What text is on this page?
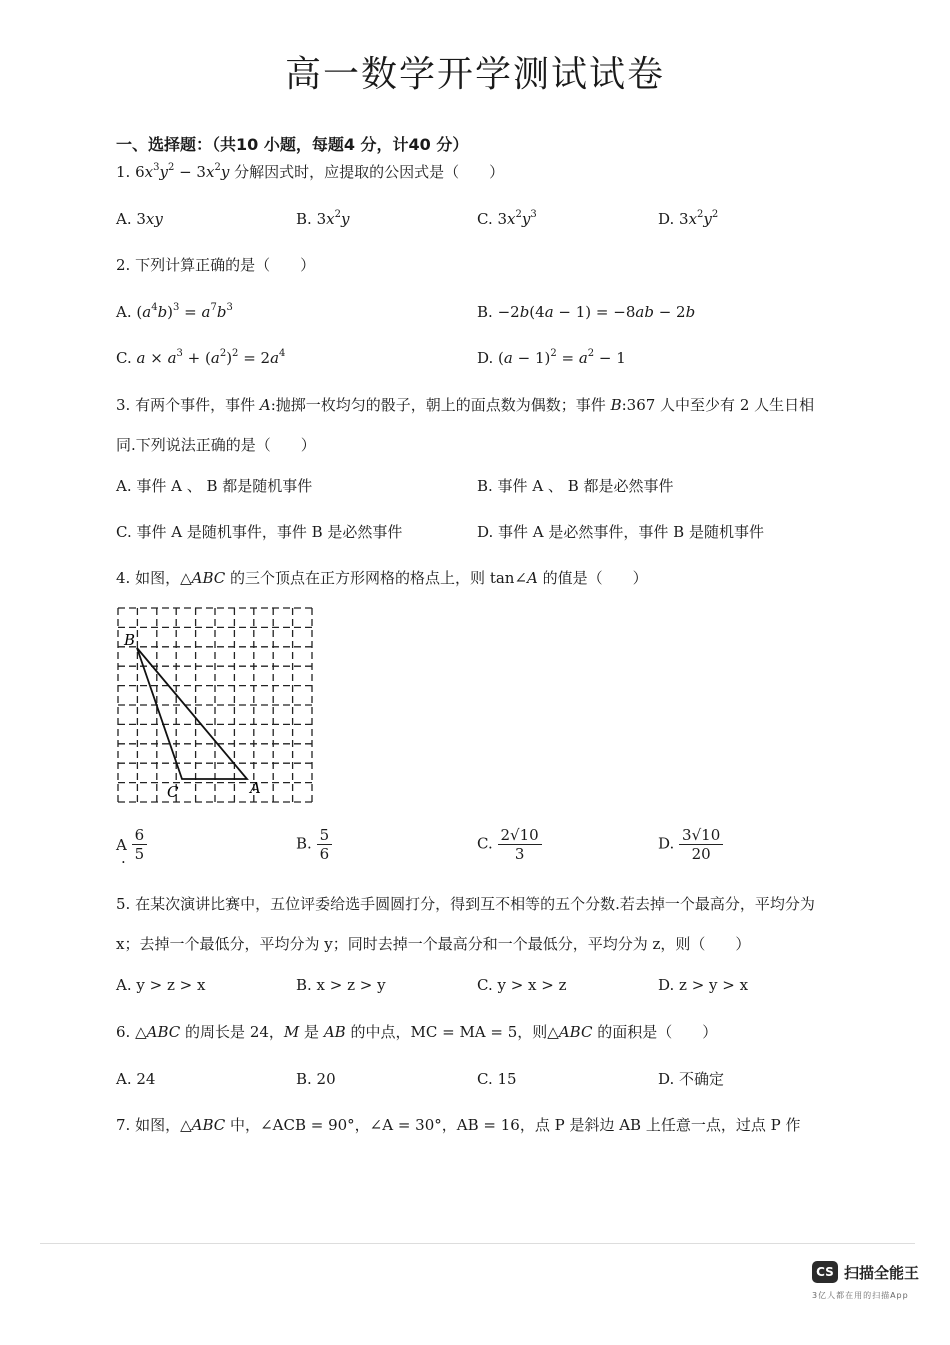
高一数学开学测试试卷
一、选择题：（共10 小题，每题4 分，计40 分）
1. $6x^3y^2 - 3x^2y$ 分解因式时，应提取的公因式是（　　）
A. 3xy	B. $3x^2y$	C. $3x^2y^3$	D. $3x^2y^2$
2. 下列计算正确的是（　　）
A. $(a^4b)^3 = a^7b^3$	B. −2b(4a − 1) = −8ab − 2b
C. $a \times a^3 + (a^2)^2 = 2a^4$	D. $(a - 1)^2 = a^2 - 1$
3. 有两个事件，事件 A:抛掷一枚均匀的骰子，朝上的面点数为偶数；事件 B:367 人中至少有 2 人生日相
同.下列说法正确的是（　　）
A. 事件 A 、 B 都是随机事件	B. 事件 A 、 B 都是必然事件
C. 事件 A 是随机事件，事件 B 是必然事件	D. 事件 A 是必然事件，事件 B 是随机事件
4. 如图，△ABC 的三个顶点在正方形网格的格点上，则 tan∠A 的值是（　　）
B
C	A
A
.
$\frac{6}{5}$	B. $\frac{5}{6}$	C. $\frac{2√10}{3}$	D. $\frac{3√10}{20}$
5. 在某次演讲比赛中，五位评委给选手圆圆打分，得到互不相等的五个分数.若去掉一个最高分，平均分为
x；去掉一个最低分，平均分为 y；同时去掉一个最高分和一个最低分，平均分为 z，则（　　）
A. y > z > x	B. x > z > y	C. y > x > z	D. z > y > x
6. △ABC 的周长是 24，M 是 AB 的中点，MC = MA = 5，则△ABC 的面积是（　　）
A. 24	B. 20	C. 15	D. 不确定
7. 如图，△ABC 中，∠ACB = 90°，∠A = 30°，AB = 16，点 P 是斜边 AB 上任意一点，过点 P 作
CS 扫描全能王
3亿人都在用的扫描App
